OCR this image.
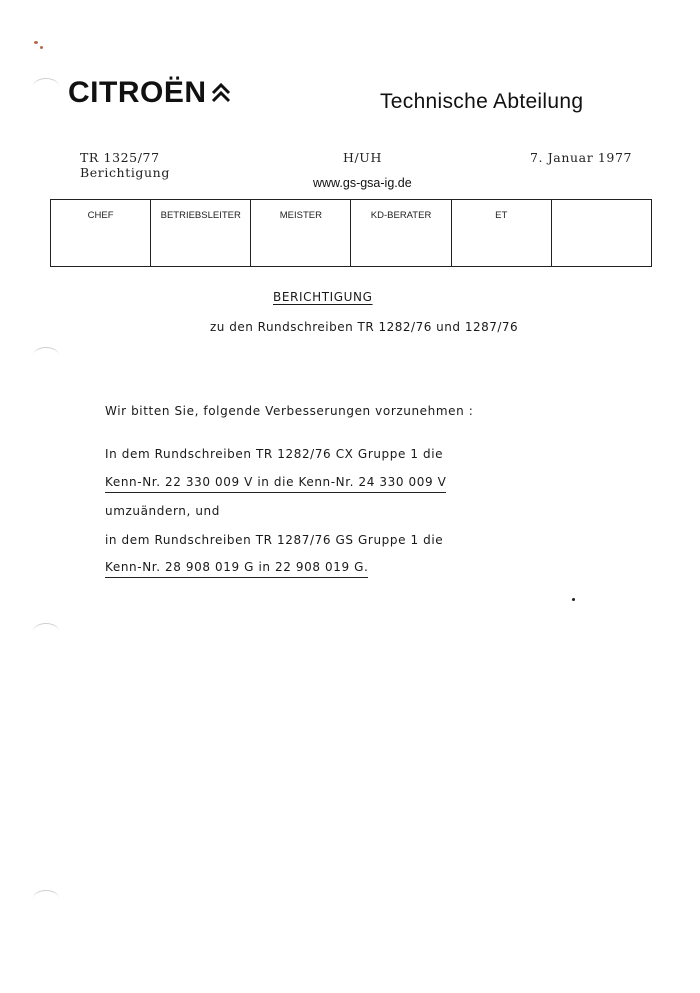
CITROËN	Technische Abteilung
TR 1325/77
Berichtigung
H/UH	7. Januar 1977
www.gs-gsa-ig.de
CHEF	BETRIEBSLEITER	MEISTER	KD-BERATER	ET	
BERICHTIGUNG
zu den Rundschreiben TR 1282/76 und 1287/76
Wir bitten Sie, folgende Verbesserungen vorzunehmen :
In dem Rundschreiben TR 1282/76 CX Gruppe 1 die
Kenn-Nr. 22 330 009 V in die Kenn-Nr. 24 330 009 V
umzuändern, und
in dem Rundschreiben TR 1287/76 GS Gruppe 1 die
Kenn-Nr. 28 908 019 G in 22 908 019 G.
